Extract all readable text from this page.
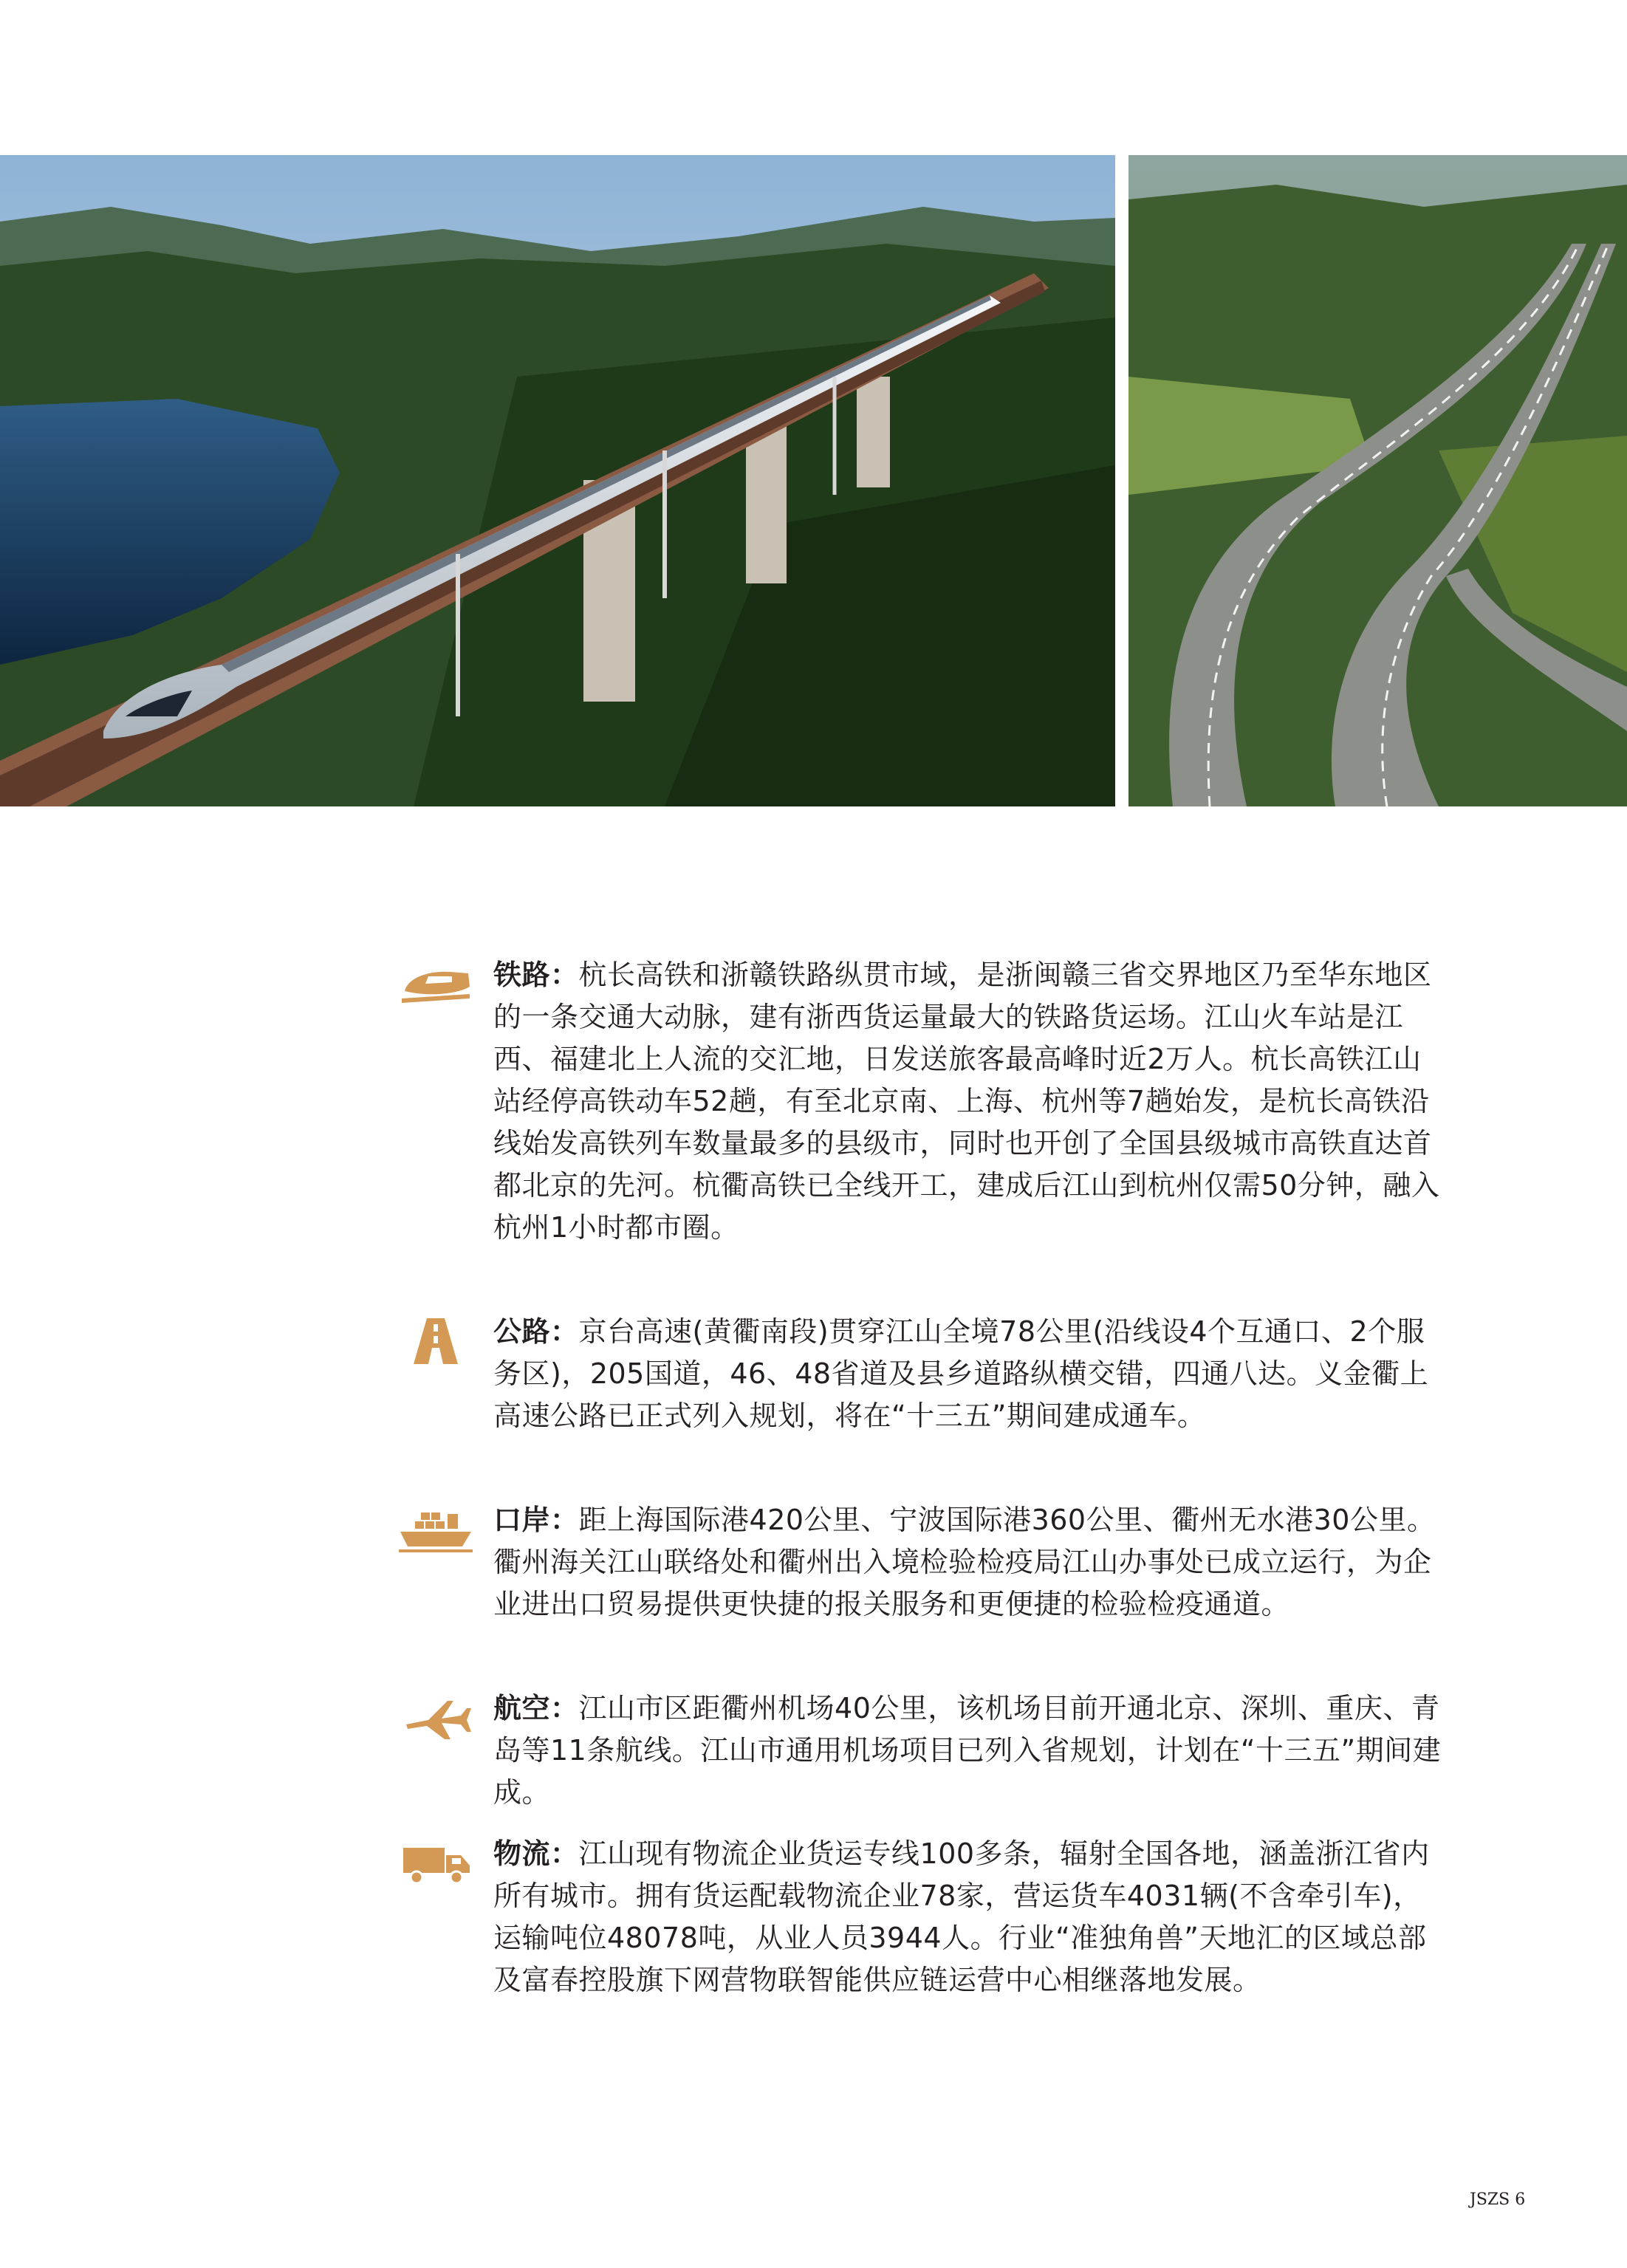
铁路：杭长高铁和浙赣铁路纵贯市域，是浙闽赣三省交界地区乃至华东地区的一条交通大动脉，建有浙西货运量最大的铁路货运场。江山火车站是江西、福建北上人流的交汇地，日发送旅客最高峰时近2万人。杭长高铁江山站经停高铁动车52趟，有至北京南、上海、杭州等7趟始发，是杭长高铁沿线始发高铁列车数量最多的县级市，同时也开创了全国县级城市高铁直达首都北京的先河。杭衢高铁已全线开工，建成后江山到杭州仅需50分钟，融入杭州1小时都市圈。

公路：京台高速(黄衢南段)贯穿江山全境78公里(沿线设4个互通口、2个服务区)，205国道，46、48省道及县乡道路纵横交错，四通八达。义金衢上高速公路已正式列入规划，将在“十三五”期间建成通车。

口岸：距上海国际港420公里、宁波国际港360公里、衢州无水港30公里。衢州海关江山联络处和衢州出入境检验检疫局江山办事处已成立运行，为企业进出口贸易提供更快捷的报关服务和更便捷的检验检疫通道。

航空：江山市区距衢州机场40公里，该机场目前开通北京、深圳、重庆、青岛等11条航线。江山市通用机场项目已列入省规划，计划在“十三五”期间建成。

物流：江山现有物流企业货运专线100多条，辐射全国各地，涵盖浙江省内所有城市。拥有货运配载物流企业78家，营运货车4031辆(不含牵引车)，运输吨位48078吨，从业人员3944人。行业“准独角兽”天地汇的区域总部及富春控股旗下网营物联智能供应链运营中心相继落地发展。

JSZS 6
